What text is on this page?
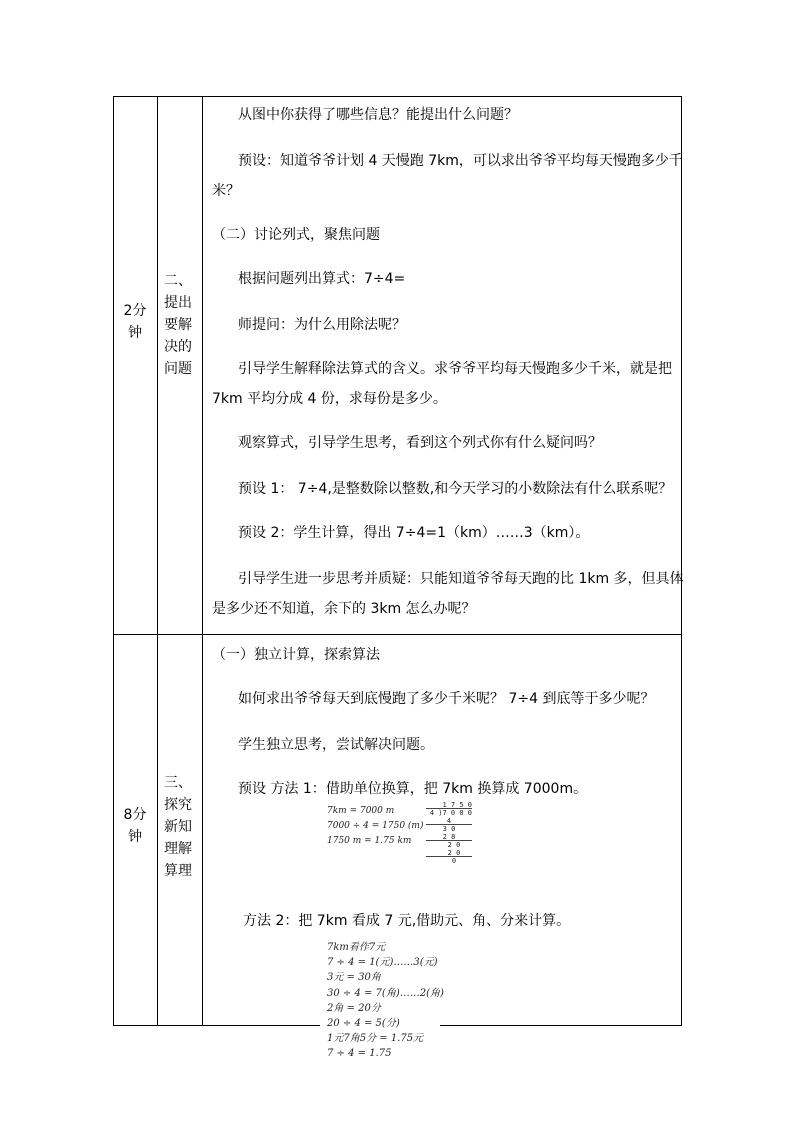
2分
钟
二、
提出
要解
决的
问题
从图中你获得了哪些信息？能提出什么问题？
预设：知道爷爷计划 4 天慢跑 7km，可以求出爷爷平均每天慢跑多少千
米？
（二）讨论列式，聚焦问题
根据问题列出算式：7÷4=
师提问：为什么用除法呢？
引导学生解释除法算式的含义。求爷爷平均每天慢跑多少千米，就是把
7km 平均分成 4 份，求每份是多少。
观察算式，引导学生思考，看到这个列式你有什么疑问吗？
预设 1： 7÷4,是整数除以整数,和今天学习的小数除法有什么联系呢？
预设 2：学生计算，得出 7÷4=1（km）……3（km）。
引导学生进一步思考并质疑：只能知道爷爷每天跑的比 1km 多，但具体
是多少还不知道，余下的 3km 怎么办呢？
8分
钟
三、
探究
新知
理解
算理
（一）独立计算，探索算法
如何求出爷爷每天到底慢跑了多少千米呢？ 7÷4 到底等于多少呢？
学生独立思考，尝试解决问题。
预设 方法 1：借助单位换算，把 7km 换算成 7000m。
7km = 7000 m
7000 ÷ 4 = 1750 (m)
1750 m = 1.75 km
1 7 5 0
4 )7 0 0 0
4
3 0
2 8
2 0
2 0
0
方法 2：把 7km 看成 7 元,借助元、角、分来计算。
7km看作7元
7 ÷ 4 = 1(元)……3(元)
3元 = 30角
30 ÷ 4 = 7(角)……2(角)
2角 = 20分
20 ÷ 4 = 5(分)
1元7角5分 = 1.75元
7 ÷ 4 = 1.75
